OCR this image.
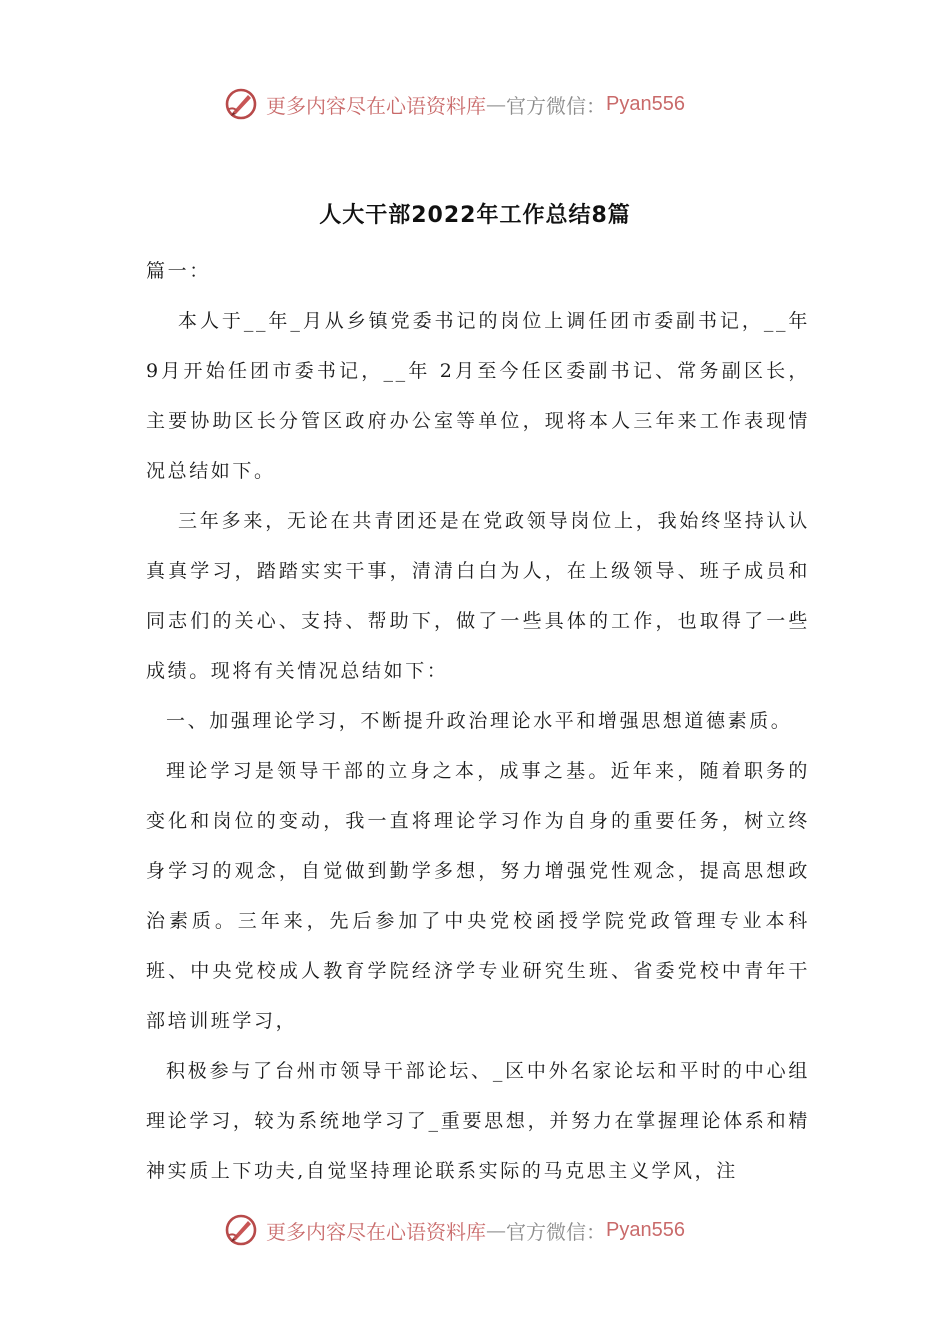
更多内容尽在心语资料库 — 官方微信： Pyan556
人大干部2022年工作总结8篇

篇一：

本人于__年_月从乡镇党委书记的岗位上调任团市委副书记，__年 9月开始任团市委书记，__年 2月至今任区委副书记、常务副区长，主要协助区长分管区政府办公室等单位，现将本人三年来工作表现情况总结如下。

三年多来，无论在共青团还是在党政领导岗位上，我始终坚持认认真真学习，踏踏实实干事，清清白白为人，在上级领导、班子成员和同志们的关心、支持、帮助下，做了一些具体的工作，也取得了一些成绩。现将有关情况总结如下：

一、加强理论学习，不断提升政治理论水平和增强思想道德素质。

理论学习是领导干部的立身之本，成事之基。近年来，随着职务的变化和岗位的变动，我一直将理论学习作为自身的重要任务，树立终身学习的观念，自觉做到勤学多想，努力增强党性观念，提高思想政治素质。三年来，先后参加了中央党校函授学院党政管理专业本科班、中央党校成人教育学院经济学专业研究生班、省委党校中青年干部培训班学习，

积极参与了台州市领导干部论坛、_区中外名家论坛和平时的中心组理论学习，较为系统地学习了_重要思想，并努力在掌握理论体系和精神实质上下功夫,自觉坚持理论联系实际的马克思主义学风，注

更多内容尽在心语资料库 — 官方微信： Pyan556
